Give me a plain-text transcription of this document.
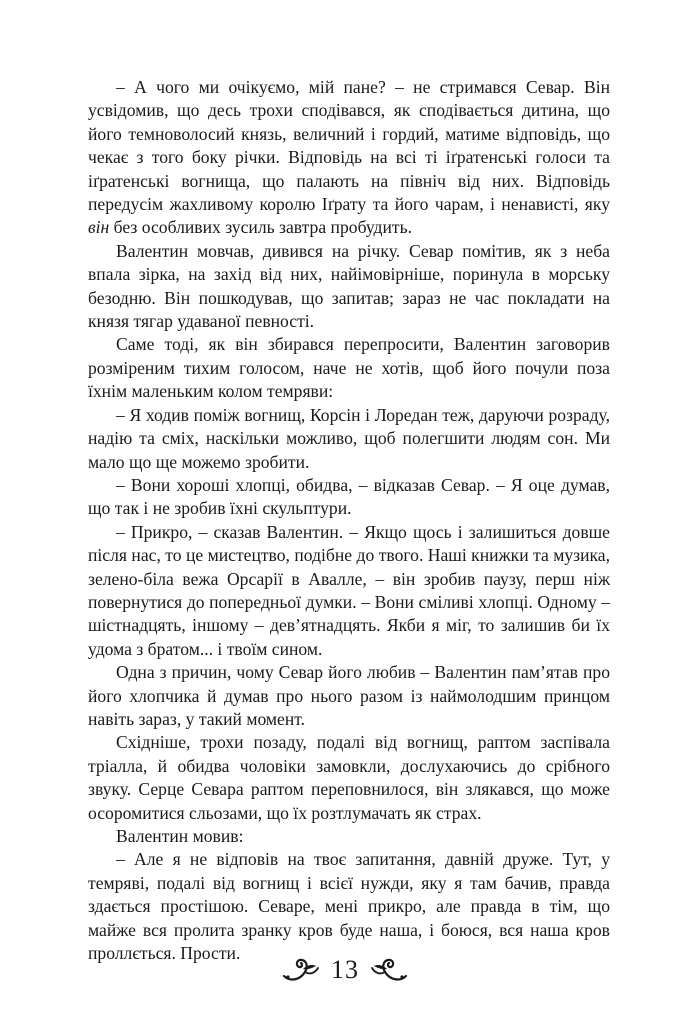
– А чого ми очікуємо, мій пане? – не стримався Севар. Він усвідомив, що десь трохи сподівався, як сподівається дитина, що його темноволосий князь, величний і гордий, матиме відповідь, що чекає з того боку річки. Відповідь на всі ті іґратенські голоси та іґратенські вогнища, що палають на північ від них. Відповідь передусім жахливому королю Іґрату та його чарам, і ненависті, яку він без особливих зусиль завтра пробудить.

Валентин мовчав, дивився на річку. Севар помітив, як з неба впала зірка, на захід від них, найімовірніше, поринула в морську безодню. Він пошкодував, що запитав; зараз не час покладати на князя тягар удаваної певності.

Саме тоді, як він збирався перепросити, Валентин заговорив розміреним тихим голосом, наче не хотів, щоб його почули поза їхнім маленьким колом темряви:

– Я ходив поміж вогнищ, Корсін і Лоредан теж, даруючи розраду, надію та сміх, наскільки можливо, щоб полегшити людям сон. Ми мало що ще можемо зробити.

– Вони хороші хлопці, обидва, – відказав Севар. – Я оце думав, що так і не зробив їхні скульптури.

– Прикро, – сказав Валентин. – Якщо щось і залишиться довше після нас, то це мистецтво, подібне до твого. Наші книжки та музика, зелено-біла вежа Орсарії в Авалле, – він зробив паузу, перш ніж повернутися до попередньої думки. – Вони сміливі хлопці. Одному – шістнадцять, іншому – дев’ятнадцять. Якби я міг, то залишив би їх удома з братом... і твоїм сином.

Одна з причин, чому Севар його любив – Валентин пам’ятав про його хлопчика й думав про нього разом із наймолодшим принцом навіть зараз, у такий момент.

Східніше, трохи позаду, подалі від вогнищ, раптом заспівала тріалла, й обидва чоловіки замовкли, дослухаючись до срібного звуку. Серце Севара раптом переповнилося, він злякався, що може осоромитися сльозами, що їх розтлумачать як страх.

Валентин мовив:

– Але я не відповів на твоє запитання, давній друже. Тут, у темряві, подалі від вогнищ і всієї нужди, яку я там бачив, правда здається простішою. Севаре, мені прикро, але правда в тім, що майже вся пролита зранку кров буде наша, і боюся, вся наша кров проллється. Прости.

13
